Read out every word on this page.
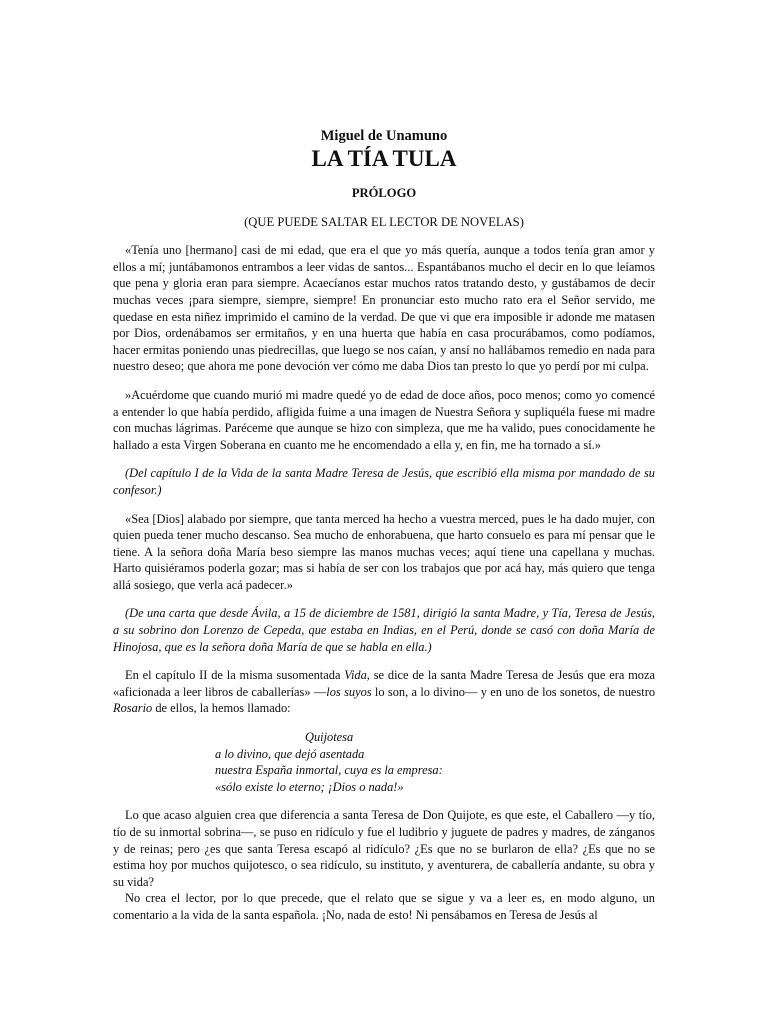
Miguel de Unamuno
LA TÍA TULA
PRÓLOGO
(QUE PUEDE SALTAR EL LECTOR DE NOVELAS)

«Tenía uno [hermano] casi de mi edad, que era el que yo más quería, aunque a todos tenía gran amor y ellos a mí; juntábamonos entrambos a leer vidas de santos... Espantábanos mucho el decir en lo que leíamos que pena y gloria eran para siempre. Acaecíanos estar muchos ratos tratando desto, y gustábamos de decir muchas veces ¡para siempre, siempre, siempre! En pronunciar esto mucho rato era el Señor servido, me quedase en esta niñez imprimido el camino de la verdad. De que vi que era imposible ir adonde me matasen por Dios, ordenábamos ser ermitaños, y en una huerta que había en casa procurábamos, como podíamos, hacer ermitas poniendo unas piedrecillas, que luego se nos caían, y ansí no hallábamos remedio en nada para nuestro deseo; que ahora me pone devoción ver cómo me daba Dios tan presto lo que yo perdí por mi culpa.

»Acuérdome que cuando murió mi madre quedé yo de edad de doce años, poco menos; como yo comencé a entender lo que había perdido, afligida fuime a una imagen de Nuestra Señora y supliquéla fuese mi madre con muchas lágrimas. Paréceme que aunque se hizo con simpleza, que me ha valido, pues conocidamente he hallado a esta Virgen Soberana en cuanto me he encomendado a ella y, en fin, me ha tornado a sí.»

(Del capítulo I de la Vida de la santa Madre Teresa de Jesús, que escribió ella misma por mandado de su confesor.)

«Sea [Dios] alabado por siempre, que tanta merced ha hecho a vuestra merced, pues le ha dado mujer, con quien pueda tener mucho descanso. Sea mucho de enhorabuena, que harto consuelo es para mí pensar que le tiene. A la señora doña María beso siempre las manos muchas veces; aquí tiene una capellana y muchas. Harto quisiéramos poderla gozar; mas si había de ser con los trabajos que por acá hay, más quiero que tenga allá sosiego, que verla acá padecer.»

(De una carta que desde Ávila, a 15 de diciembre de 1581, dirigió la santa Madre, y Tía, Teresa de Jesús, a su sobrino don Lorenzo de Cepeda, que estaba en Indias, en el Perú, donde se casó con doña María de Hinojosa, que es la señora doña María de que se habla en ella.)

En el capítulo II de la misma susomentada Vida, se dice de la santa Madre Teresa de Jesús que era moza «aficionada a leer libros de caballerías» —los suyos lo son, a lo divino— y en uno de los sonetos, de nuestro Rosario de ellos, la hemos llamado:

Quijotesa
a lo divino, que dejó asentada
nuestra España inmortal, cuya es la empresa:
«sólo existe lo eterno; ¡Dios o nada!»

Lo que acaso alguien crea que diferencia a santa Teresa de Don Quijote, es que este, el Caballero —y tío, tío de su inmortal sobrina—, se puso en ridículo y fue el ludibrio y juguete de padres y madres, de zánganos y de reinas; pero ¿es que santa Teresa escapó al ridículo? ¿Es que no se burlaron de ella? ¿Es que no se estima hoy por muchos quijotesco, o sea ridículo, su instituto, y aventurera, de caballería andante, su obra y su vida?

No crea el lector, por lo que precede, que el relato que se sigue y va a leer es, en modo alguno, un comentario a la vida de la santa española. ¡No, nada de esto! Ni pensábamos en Teresa de Jesús al
